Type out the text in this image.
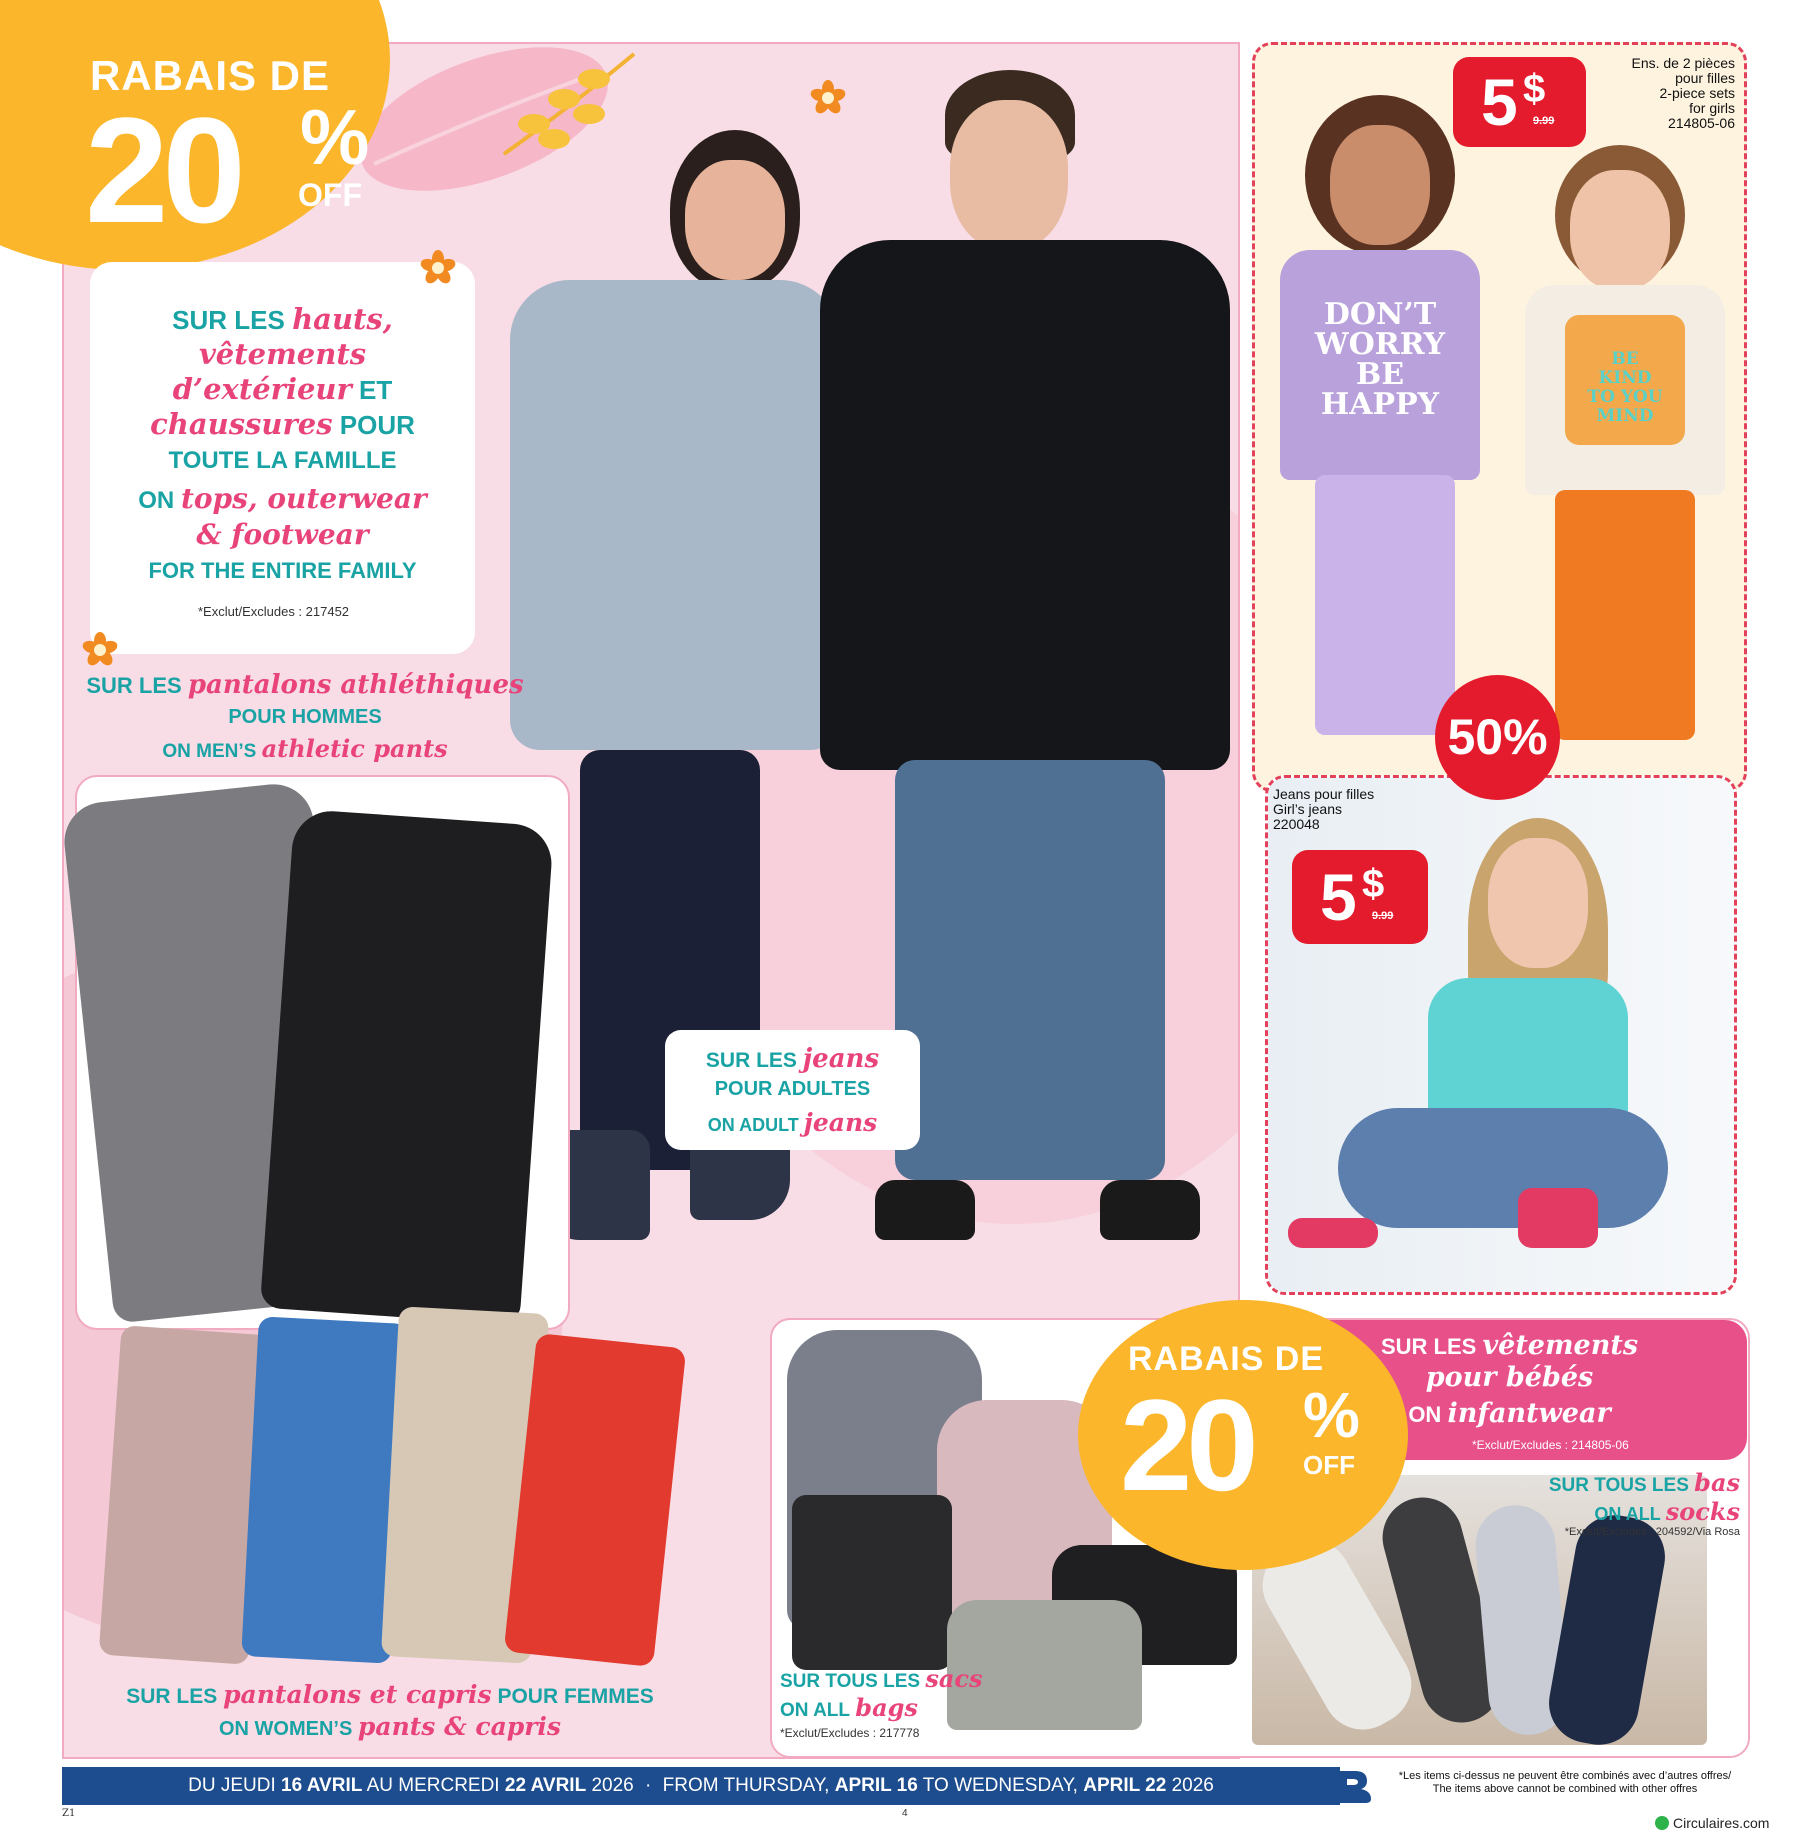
RABAIS DE
20 %
OFF
SUR LES hauts,
vêtements
d’extérieur ET
chaussures POUR
TOUTE LA FAMILLE
ON tops, outerwear
& footwear
FOR THE ENTIRE FAMILY
*Exclut/Excludes : 217452
SUR LES pantalons athléthiques
POUR HOMMES
ON MEN’S athletic pants
SUR LES jeans
POUR ADULTES
ON ADULT jeans
SUR LES pantalons et capris POUR FEMMES
ON WOMEN’S pants & capris
DON’T
WORRY
BE
HAPPY
BE
KIND
TO YOU
MIND
5 $
9.99
Ens. de 2 pièces
pour filles
2-piece sets
for girls
214805-06
Jeans pour filles
Girl’s jeans
220048
5 $
9.99
50%
SUR LES vêtements
pour bébés
ON infantwear
*Exclut/Excludes : 214805-06
RABAIS DE
20 %
OFF
SUR TOUS LES bas
ON ALL socks
*Exclut/Excludes : 204592/Via Rosa
SUR TOUS LES sacs
ON ALL bags
*Exclut/Excludes : 217778
DU JEUDI 16 AVRIL AU MERCREDI 22 AVRIL 2026 · FROM THURSDAY, APRIL 16 TO WEDNESDAY, APRIL 22 2026	*Les items ci-dessus ne peuvent être combinés avec d’autres offres/
The items above cannot be combined with other offres
Z1	4
Circulaires.com
